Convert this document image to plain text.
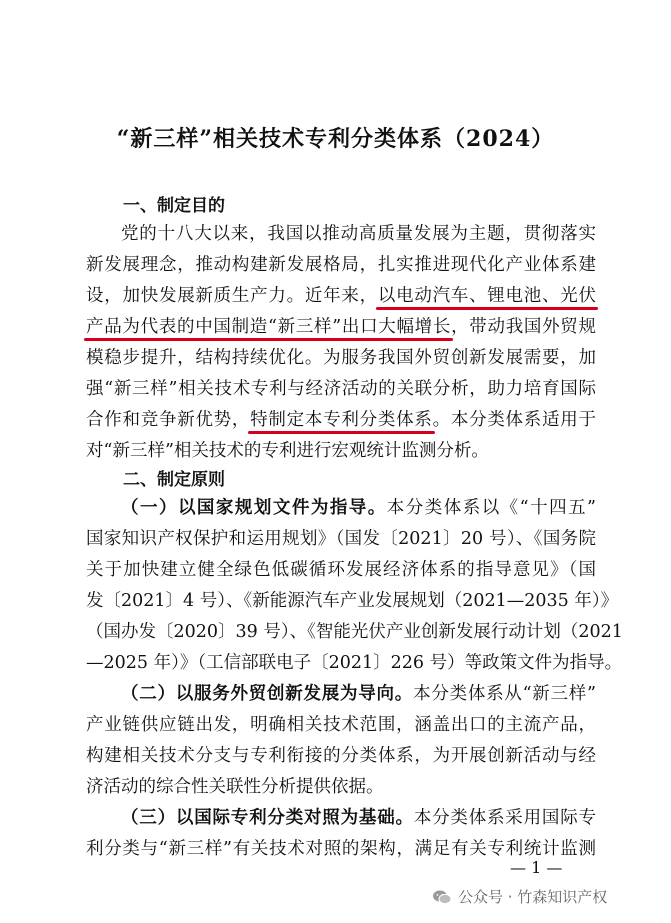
“新三样”相关技术专利分类体系（2024）
一、制定目的
党的十八大以来，我国以推动高质量发展为主题，贯彻落实
新发展理念，推动构建新发展格局，扎实推进现代化产业体系建
设，加快发展新质生产力。近年来，以电动汽车、锂电池、光伏
产品为代表的中国制造“新三样”出口大幅增长，带动我国外贸规
模稳步提升，结构持续优化。为服务我国外贸创新发展需要，加
强“新三样”相关技术专利与经济活动的关联分析，助力培育国际
合作和竞争新优势，特制定本专利分类体系。本分类体系适用于
对“新三样”相关技术的专利进行宏观统计监测分析。
二、制定原则
（一）以国家规划文件为指导。本分类体系以《“十四五”
国家知识产权保护和运用规划》（国发〔2021〕20 号）、《国务院
关于加快建立健全绿色低碳循环发展经济体系的指导意见》（国
发〔2021〕4 号）、《新能源汽车产业发展规划（2021—2035 年）》
（国办发〔2020〕39 号）、《智能光伏产业创新发展行动计划（2021
—2025 年）》（工信部联电子〔2021〕226 号）等政策文件为指导。
（二）以服务外贸创新发展为导向。本分类体系从“新三样”
产业链供应链出发，明确相关技术范围，涵盖出口的主流产品，
构建相关技术分支与专利衔接的分类体系，为开展创新活动与经
济活动的综合性关联性分析提供依据。
（三）以国际专利分类对照为基础。本分类体系采用国际专
利分类与“新三样”有关技术对照的架构，满足有关专利统计监测
— 1 —
公众号 · 竹森知识产权
